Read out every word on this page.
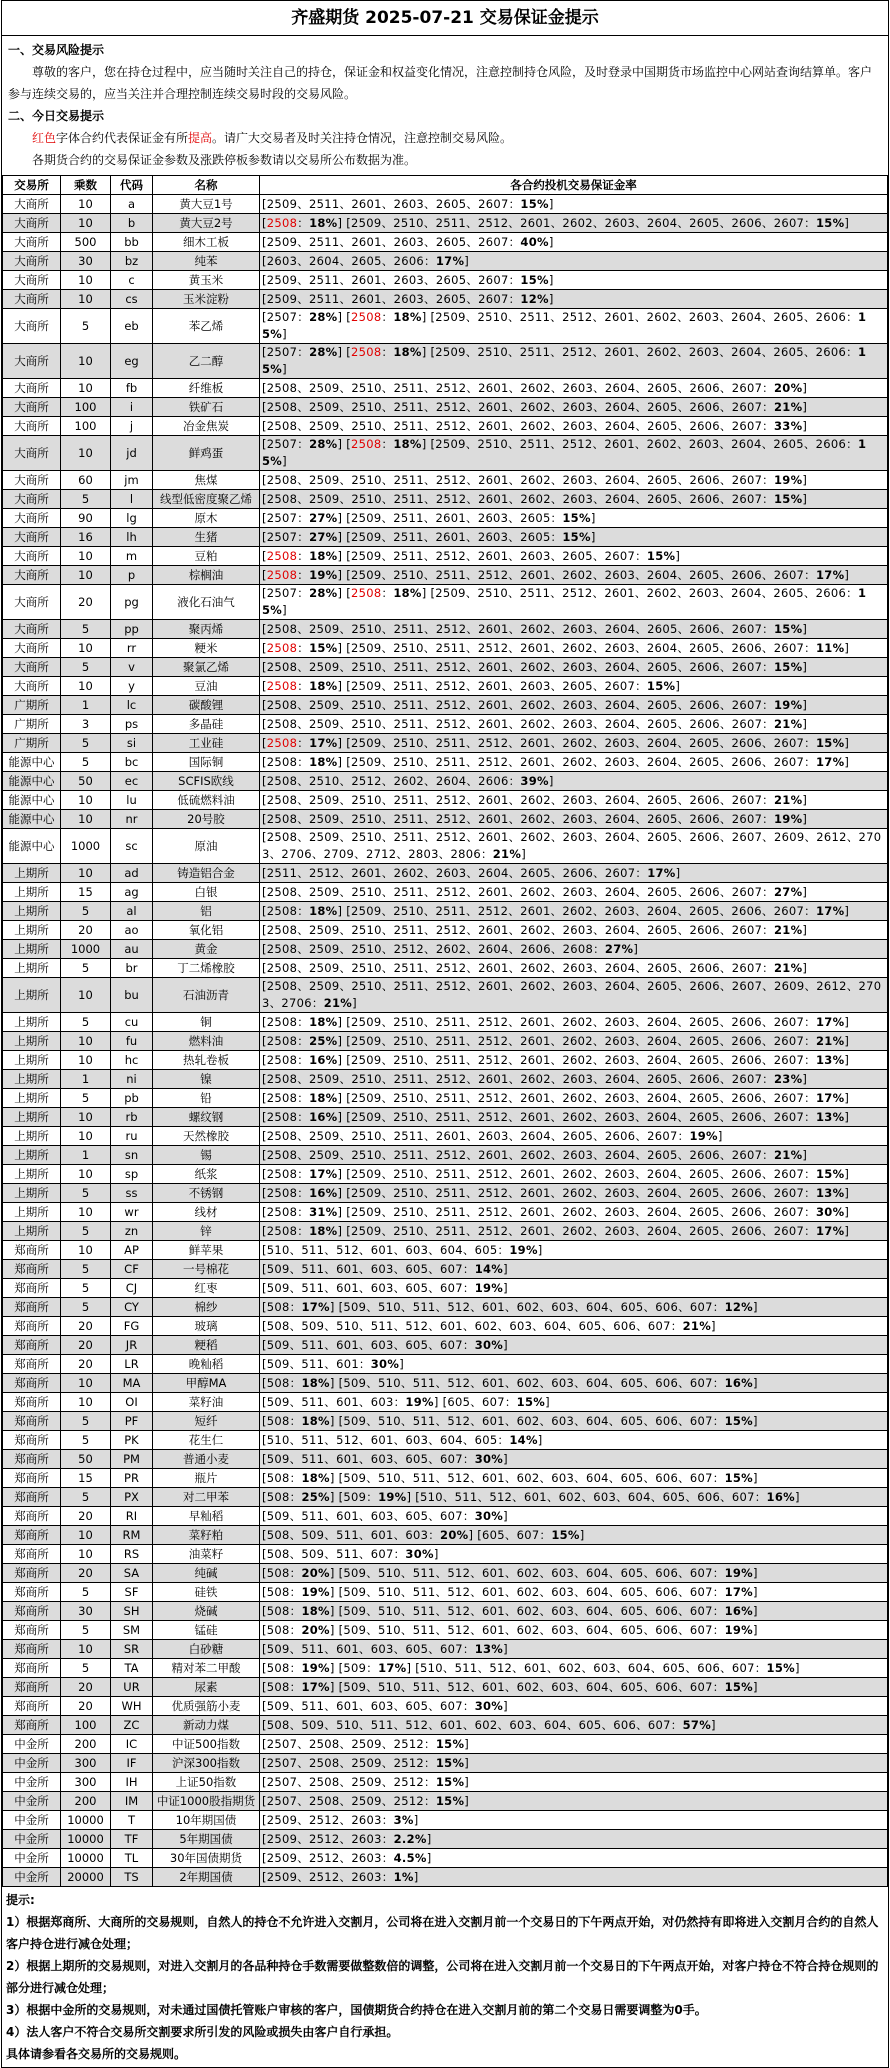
齐盛期货 2025-07-21 交易保证金提示
一、交易风险提示
尊敬的客户，您在持仓过程中，应当随时关注自己的持仓，保证金和权益变化情况，注意控制持仓风险，及时登录中国期货市场监控中心网站查询结算单。客户参与连续交易的，应当关注并合理控制连续交易时段的交易风险。
二、今日交易提示
红色字体合约代表保证金有所提高。请广大交易者及时关注持仓情况，注意控制交易风险。
各期货合约的交易保证金参数及涨跌停板参数请以交易所公布数据为准。
交易所	乘数	代码	名称	各合约投机交易保证金率
大商所	10	a	黄大豆1号	[2509、2511、2601、2603、2605、2607：15%]
大商所	10	b	黄大豆2号	[2508：18%] [2509、2510、2511、2512、2601、2602、2603、2604、2605、2606、2607：15%]
大商所	500	bb	细木工板	[2509、2511、2601、2603、2605、2607：40%]
大商所	30	bz	纯苯	[2603、2604、2605、2606：17%]
大商所	10	c	黄玉米	[2509、2511、2601、2603、2605、2607：15%]
大商所	10	cs	玉米淀粉	[2509、2511、2601、2603、2605、2607：12%]
大商所	5	eb	苯乙烯	[2507：28%] [2508：18%] [2509、2510、2511、2512、2601、2602、2603、2604、2605、2606：15%]
大商所	10	eg	乙二醇	[2507：28%] [2508：18%] [2509、2510、2511、2512、2601、2602、2603、2604、2605、2606：15%]
大商所	10	fb	纤维板	[2508、2509、2510、2511、2512、2601、2602、2603、2604、2605、2606、2607：20%]
大商所	100	i	铁矿石	[2508、2509、2510、2511、2512、2601、2602、2603、2604、2605、2606、2607：21%]
大商所	100	j	冶金焦炭	[2508、2509、2510、2511、2512、2601、2602、2603、2604、2605、2606、2607：33%]
大商所	10	jd	鲜鸡蛋	[2507：28%] [2508：18%] [2509、2510、2511、2512、2601、2602、2603、2604、2605、2606：15%]
大商所	60	jm	焦煤	[2508、2509、2510、2511、2512、2601、2602、2603、2604、2605、2606、2607：19%]
大商所	5	l	线型低密度聚乙烯	[2508、2509、2510、2511、2512、2601、2602、2603、2604、2605、2606、2607：15%]
大商所	90	lg	原木	[2507：27%] [2509、2511、2601、2603、2605：15%]
大商所	16	lh	生猪	[2507：27%] [2509、2511、2601、2603、2605：15%]
大商所	10	m	豆粕	[2508：18%] [2509、2511、2512、2601、2603、2605、2607：15%]
大商所	10	p	棕榈油	[2508：19%] [2509、2510、2511、2512、2601、2602、2603、2604、2605、2606、2607：17%]
大商所	20	pg	液化石油气	[2507：28%] [2508：18%] [2509、2510、2511、2512、2601、2602、2603、2604、2605、2606：15%]
大商所	5	pp	聚丙烯	[2508、2509、2510、2511、2512、2601、2602、2603、2604、2605、2606、2607：15%]
大商所	10	rr	粳米	[2508：15%] [2509、2510、2511、2512、2601、2602、2603、2604、2605、2606、2607：11%]
大商所	5	v	聚氯乙烯	[2508、2509、2510、2511、2512、2601、2602、2603、2604、2605、2606、2607：15%]
大商所	10	y	豆油	[2508：18%] [2509、2511、2512、2601、2603、2605、2607：15%]
广期所	1	lc	碳酸锂	[2508、2509、2510、2511、2512、2601、2602、2603、2604、2605、2606、2607：19%]
广期所	3	ps	多晶硅	[2508、2509、2510、2511、2512、2601、2602、2603、2604、2605、2606、2607：21%]
广期所	5	si	工业硅	[2508：17%] [2509、2510、2511、2512、2601、2602、2603、2604、2605、2606、2607：15%]
能源中心	5	bc	国际铜	[2508：18%] [2509、2510、2511、2512、2601、2602、2603、2604、2605、2606、2607：17%]
能源中心	50	ec	SCFIS欧线	[2508、2510、2512、2602、2604、2606：39%]
能源中心	10	lu	低硫燃料油	[2508、2509、2510、2511、2512、2601、2602、2603、2604、2605、2606、2607：21%]
能源中心	10	nr	20号胶	[2508、2509、2510、2511、2512、2601、2602、2603、2604、2605、2606、2607：19%]
能源中心	1000	sc	原油	[2508、2509、2510、2511、2512、2601、2602、2603、2604、2605、2606、2607、2609、2612、2703、2706、2709、2712、2803、2806：21%]
上期所	10	ad	铸造铝合金	[2511、2512、2601、2602、2603、2604、2605、2606、2607：17%]
上期所	15	ag	白银	[2508、2509、2510、2511、2512、2601、2602、2603、2604、2605、2606、2607：27%]
上期所	5	al	铝	[2508：18%] [2509、2510、2511、2512、2601、2602、2603、2604、2605、2606、2607：17%]
上期所	20	ao	氧化铝	[2508、2509、2510、2511、2512、2601、2602、2603、2604、2605、2606、2607：21%]
上期所	1000	au	黄金	[2508、2509、2510、2512、2602、2604、2606、2608：27%]
上期所	5	br	丁二烯橡胶	[2508、2509、2510、2511、2512、2601、2602、2603、2604、2605、2606、2607：21%]
上期所	10	bu	石油沥青	[2508、2509、2510、2511、2512、2601、2602、2603、2604、2605、2606、2607、2609、2612、2703、2706：21%]
上期所	5	cu	铜	[2508：18%] [2509、2510、2511、2512、2601、2602、2603、2604、2605、2606、2607：17%]
上期所	10	fu	燃料油	[2508：25%] [2509、2510、2511、2512、2601、2602、2603、2604、2605、2606、2607：21%]
上期所	10	hc	热轧卷板	[2508：16%] [2509、2510、2511、2512、2601、2602、2603、2604、2605、2606、2607：13%]
上期所	1	ni	镍	[2508、2509、2510、2511、2512、2601、2602、2603、2604、2605、2606、2607：23%]
上期所	5	pb	铅	[2508：18%] [2509、2510、2511、2512、2601、2602、2603、2604、2605、2606、2607：17%]
上期所	10	rb	螺纹钢	[2508：16%] [2509、2510、2511、2512、2601、2602、2603、2604、2605、2606、2607：13%]
上期所	10	ru	天然橡胶	[2508、2509、2510、2511、2601、2603、2604、2605、2606、2607：19%]
上期所	1	sn	锡	[2508、2509、2510、2511、2512、2601、2602、2603、2604、2605、2606、2607：21%]
上期所	10	sp	纸浆	[2508：17%] [2509、2510、2511、2512、2601、2602、2603、2604、2605、2606、2607：15%]
上期所	5	ss	不锈钢	[2508：16%] [2509、2510、2511、2512、2601、2602、2603、2604、2605、2606、2607：13%]
上期所	10	wr	线材	[2508：31%] [2509、2510、2511、2512、2601、2602、2603、2604、2605、2606、2607：30%]
上期所	5	zn	锌	[2508：18%] [2509、2510、2511、2512、2601、2602、2603、2604、2605、2606、2607：17%]
郑商所	10	AP	鲜苹果	[510、511、512、601、603、604、605：19%]
郑商所	5	CF	一号棉花	[509、511、601、603、605、607：14%]
郑商所	5	CJ	红枣	[509、511、601、603、605、607：19%]
郑商所	5	CY	棉纱	[508：17%] [509、510、511、512、601、602、603、604、605、606、607：12%]
郑商所	20	FG	玻璃	[508、509、510、511、512、601、602、603、604、605、606、607：21%]
郑商所	20	JR	粳稻	[509、511、601、603、605、607：30%]
郑商所	20	LR	晚籼稻	[509、511、601：30%]
郑商所	10	MA	甲醇MA	[508：18%] [509、510、511、512、601、602、603、604、605、606、607：16%]
郑商所	10	OI	菜籽油	[509、511、601、603：19%] [605、607：15%]
郑商所	5	PF	短纤	[508：18%] [509、510、511、512、601、602、603、604、605、606、607：15%]
郑商所	5	PK	花生仁	[510、511、512、601、603、604、605：14%]
郑商所	50	PM	普通小麦	[509、511、601、603、605、607：30%]
郑商所	15	PR	瓶片	[508：18%] [509、510、511、512、601、602、603、604、605、606、607：15%]
郑商所	5	PX	对二甲苯	[508：25%] [509：19%] [510、511、512、601、602、603、604、605、606、607：16%]
郑商所	20	RI	早籼稻	[509、511、601、603、605、607：30%]
郑商所	10	RM	菜籽粕	[508、509、511、601、603：20%] [605、607：15%]
郑商所	10	RS	油菜籽	[508、509、511、607：30%]
郑商所	20	SA	纯碱	[508：20%] [509、510、511、512、601、602、603、604、605、606、607：19%]
郑商所	5	SF	硅铁	[508：19%] [509、510、511、512、601、602、603、604、605、606、607：17%]
郑商所	30	SH	烧碱	[508：18%] [509、510、511、512、601、602、603、604、605、606、607：16%]
郑商所	5	SM	锰硅	[508：20%] [509、510、511、512、601、602、603、604、605、606、607：19%]
郑商所	10	SR	白砂糖	[509、511、601、603、605、607：13%]
郑商所	5	TA	精对苯二甲酸	[508：19%] [509：17%] [510、511、512、601、602、603、604、605、606、607：15%]
郑商所	20	UR	尿素	[508：17%] [509、510、511、512、601、602、603、604、605、606、607：15%]
郑商所	20	WH	优质强筋小麦	[509、511、601、603、605、607：30%]
郑商所	100	ZC	新动力煤	[508、509、510、511、512、601、602、603、604、605、606、607：57%]
中金所	200	IC	中证500指数	[2507、2508、2509、2512：15%]
中金所	300	IF	沪深300指数	[2507、2508、2509、2512：15%]
中金所	300	IH	上证50指数	[2507、2508、2509、2512：15%]
中金所	200	IM	中证1000股指期货	[2507、2508、2509、2512：15%]
中金所	10000	T	10年期国债	[2509、2512、2603：3%]
中金所	10000	TF	5年期国债	[2509、2512、2603：2.2%]
中金所	10000	TL	30年国债期货	[2509、2512、2603：4.5%]
中金所	20000	TS	2年期国债	[2509、2512、2603：1%]
提示:
1）根据郑商所、大商所的交易规则，自然人的持仓不允许进入交割月，公司将在进入交割月前一个交易日的下午两点开始，对仍然持有即将进入交割月合约的自然人客户持仓进行减仓处理；
2）根据上期所的交易规则，对进入交割月的各品种持仓手数需要做整数倍的调整，公司将在进入交割月前一个交易日的下午两点开始，对客户持仓不符合持仓规则的部分进行减仓处理；
3）根据中金所的交易规则，对未通过国债托管账户审核的客户，国债期货合约持仓在进入交割月前的第二个交易日需要调整为0手。
4）法人客户不符合交易所交割要求所引发的风险或损失由客户自行承担。
具体请参看各交易所的交易规则。
